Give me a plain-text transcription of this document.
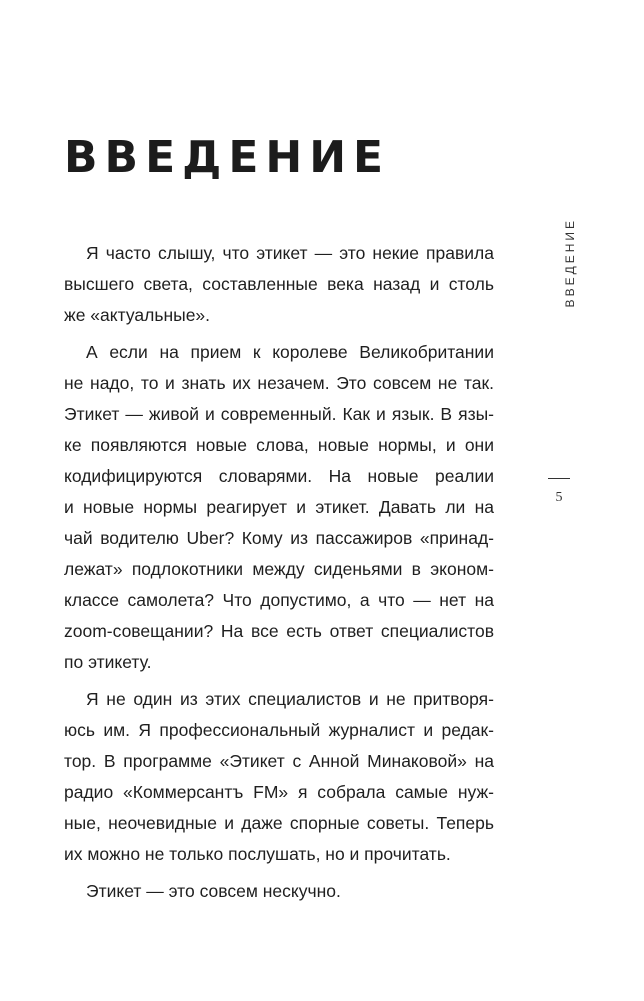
ВВЕДЕНИЕ
Я часто слышу, что этикет — это некие правила
высшего света, составленные века назад и столь
же «актуальные».
А если на прием к королеве Великобритании
не надо, то и знать их незачем. Это совсем не так.
Этикет — живой и современный. Как и язык. В язы-
ке появляются новые слова, новые нормы, и они
кодифицируются словарями. На новые реалии
и новые нормы реагирует и этикет. Давать ли на
чай водителю Uber? Кому из пассажиров «принад-
лежат» подлокотники между сиденьями в эконом-
классе самолета? Что допустимо, а что — нет на
zoom-совещании? На все есть ответ специалистов
по этикету.
Я не один из этих специалистов и не притворя-
юсь им. Я профессиональный журналист и редак-
тор. В программе «Этикет с Анной Минаковой» на
радио «Коммерсантъ FM» я собрала самые нуж-
ные, неочевидные и даже спорные советы. Теперь
их можно не только послушать, но и прочитать.
Этикет — это совсем нескучно.
ВВЕДЕНИЕ
5
